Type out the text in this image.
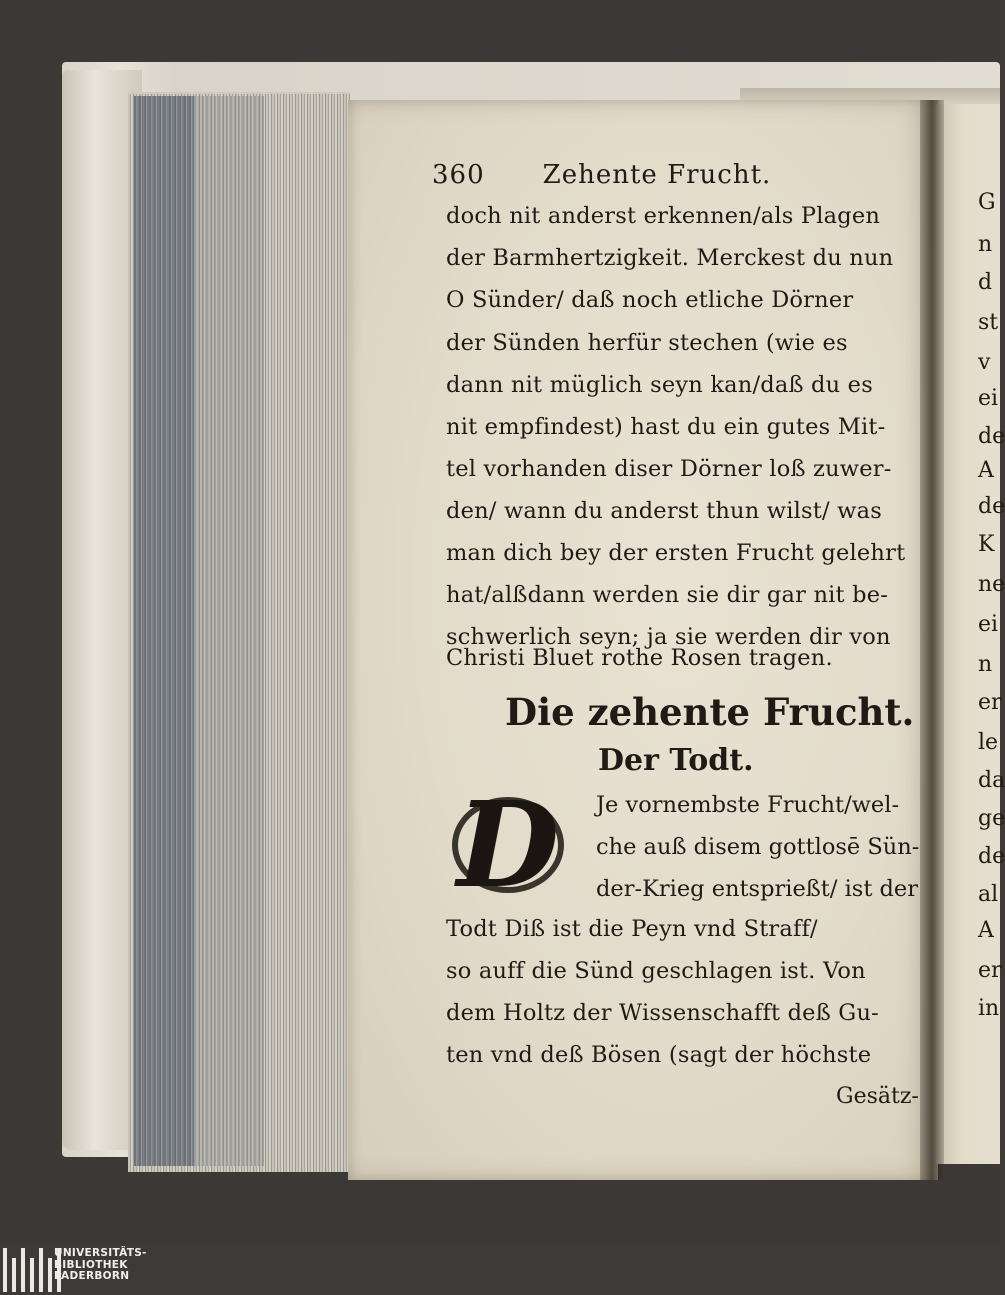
360 Zehente Frucht.
doch nit anderst erkennen/als Plagen
der Barmhertzigkeit. Merckest du nun
O Sünder/ daß noch etliche Dörner
der Sünden herfür stechen (wie es
dann nit müglich seyn kan/daß du es
nit empfindest) hast du ein gutes Mit-
tel vorhanden diser Dörner loß zuwer-
den/ wann du anderst thun wilst/ was
man dich bey der ersten Frucht gelehrt
hat/alßdann werden sie dir gar nit be-
schwerlich seyn; ja sie werden dir von
Christi Bluet rothe Rosen tragen.
Die zehente Frucht.
Der Todt.
D	Je vornembste Frucht/wel-
che auß disem gottlosē Sün-
der-Krieg entsprießt/ ist der
Todt Diß ist die Peyn vnd Straff/
so auff die Sünd geschlagen ist. Von
dem Holtz der Wissenschafft deß Gu-
ten vnd deß Bösen (sagt der höchste
Gesätz-
G
n
d
st
v
ei
de
A
de
K
ne
ei
n
er
le
da
ge
de
al
A
er
in
UNIVERSITÄTS-
BIBLIOTHEK
PADERBORN
